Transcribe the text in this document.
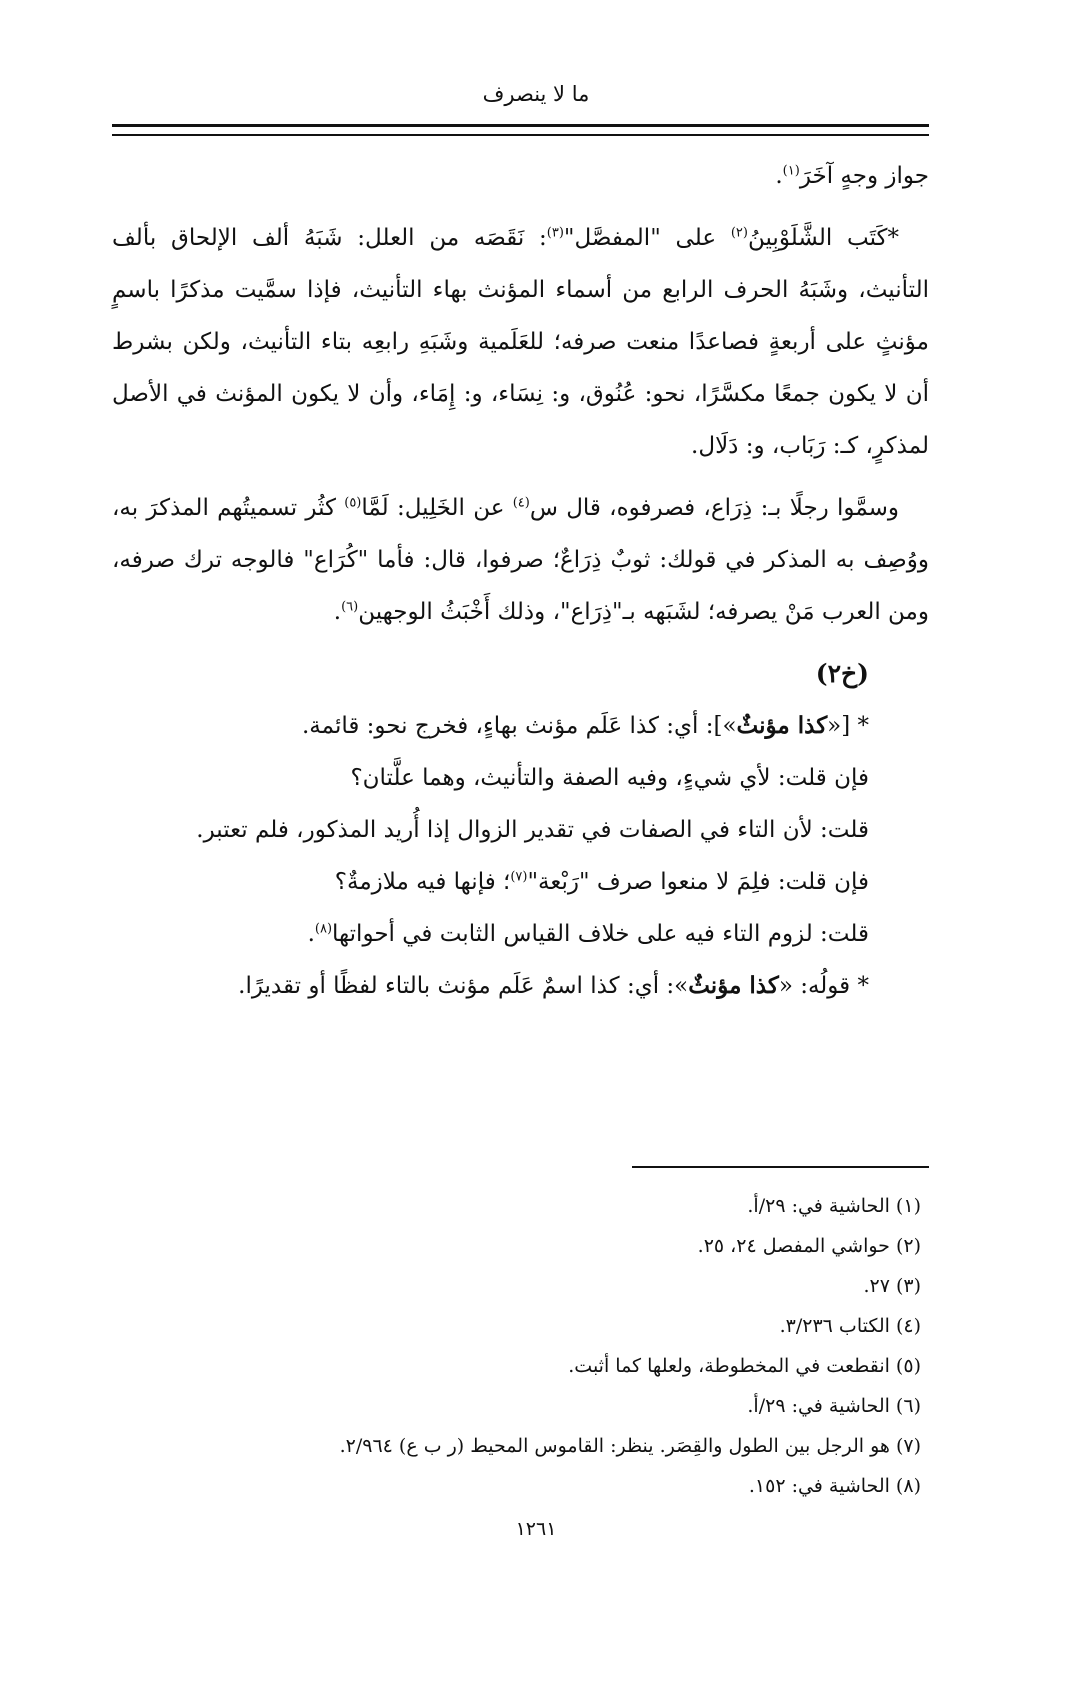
ما لا ينصرف

جواز وجهٍ آخَرَ$^{(١)}$.

*كَتَب الشَّلَوْبِينُ$^{(٢)}$ على "المفصَّل"$^{(٣)}$: نَقَصَه من العلل: شَبَهُ ألف الإلحاق بألف التأنيث، وشَبَهُ الحرف الرابع من أسماء المؤنث بهاء التأنيث، فإذا سمَّيت مذكرًا باسمٍ مؤنثٍ على أربعةٍ فصاعدًا منعت صرفه؛ للعَلَمية وشَبَهِ رابعِه بتاء التأنيث، ولكن بشرط أن لا يكون جمعًا مكسَّرًا، نحو: عُنُوق، و: نِسَاء، و: إِمَاء، وأن لا يكون المؤنث في الأصل لمذكرٍ، كـ: رَبَاب، و: دَلَال.

وسمَّوا رجلًا بـ: ذِرَاع، فصرفوه، قال س$^{(٤)}$ عن الخَلِيل: لَمَّا$^{(٥)}$ كثُر تسميتُهم المذكرَ به، ووُصِف به المذكر في قولك: ثوبٌ ذِرَاعٌ؛ صرفوا، قال: فأما "كُرَاع" فالوجه ترك صرفه، ومن العرب مَنْ يصرفه؛ لشَبَهه بـ"ذِرَاع"، وذلك أَخْبَثُ الوجهين$^{(٦)}$.

(خ٢)
* [«كذا مؤنثٌ»]: أي: كذا عَلَم مؤنث بهاءٍ، فخرج نحو: قائمة.
فإن قلت: لأي شيءٍ، وفيه الصفة والتأنيث، وهما علَّتان؟
قلت: لأن التاء في الصفات في تقدير الزوال إذا أُريد المذكور، فلم تعتبر.
فإن قلت: فلِمَ لا منعوا صرف "رَبْعة"$^{(٧)}$؛ فإنها فيه ملازمةٌ؟
قلت: لزوم التاء فيه على خلاف القياس الثابت في أحواتها$^{(٨)}$.
* قولُه: «كذا مؤنثٌ»: أي: كذا اسمٌ عَلَم مؤنث بالتاء لفظًا أو تقديرًا.
(١) الحاشية في: ٢٩/أ.
(٢) حواشي المفصل ٢٤، ٢٥.
(٣) ٢٧.
(٤) الكتاب ٣/٢٣٦.
(٥) انقطعت في المخطوطة، ولعلها كما أثبت.
(٦) الحاشية في: ٢٩/أ.
(٧) هو الرجل بين الطول والقِصَر. ينظر: القاموس المحيط (ر ب ع) ٢/٩٦٤.
(٨) الحاشية في: ١٥٢.
١٢٦١
